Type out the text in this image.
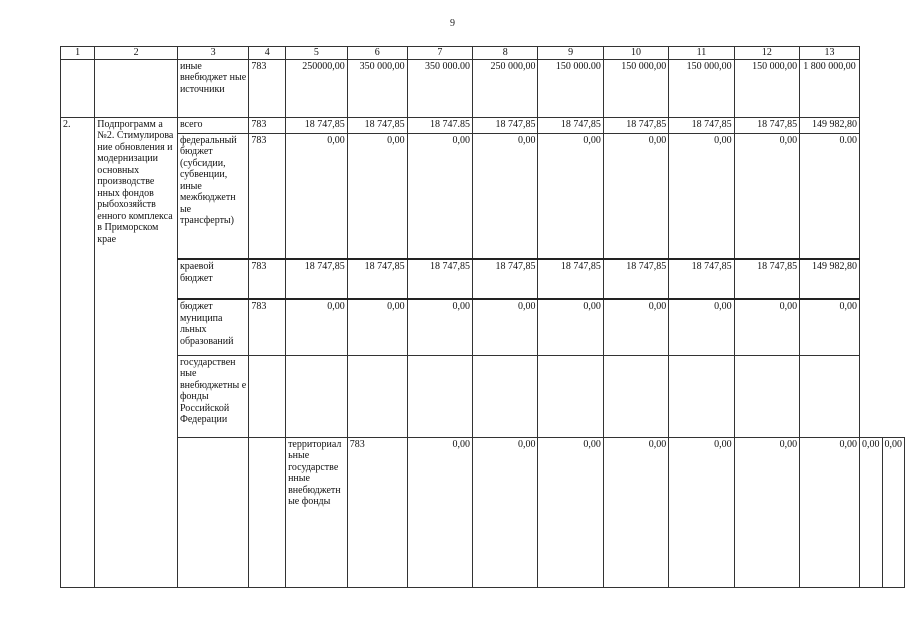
9
1	2	3	4	5	6	7	8	9	10	11	12	13		
		иные внебюджет ные источники	783	250000,00	350 000,00	350 000.00	250 000,00	150 000.00	150 000,00	150 000,00	150 000,00	1 800 000,00		
2.	Подпрограмм а №2. Стимулирова ние обновления и модернизации основных производстве нных фондов рыбохозяйств енного комплекса в Приморском крае	всего	783	18 747,85	18 747,85	18 747.85	18 747,85	18 747,85	18 747,85	18 747,85	18 747,85	149 982,80		
		федеральный бюджет (субсидии, субвенции, иные межбюджетн ые трансферты)	783	0,00	0,00	0,00	0,00	0,00	0,00	0,00	0,00	0.00		
		краевой бюджет	783	18 747,85	18 747,85	18 747,85	18 747,85	18 747,85	18 747,85	18 747,85	18 747,85	149 982,80		
		бюджет муниципа льных образований	783	0,00	0,00	0,00	0,00	0,00	0,00	0,00	0,00	0,00		
		государствен ные внебюджетны е фонды Российской Федерации												
				территориал ьные государстве нные внебюджетн ые фонды	783	0,00	0,00	0,00	0,00	0,00	0,00	0,00	0,00	0,00
